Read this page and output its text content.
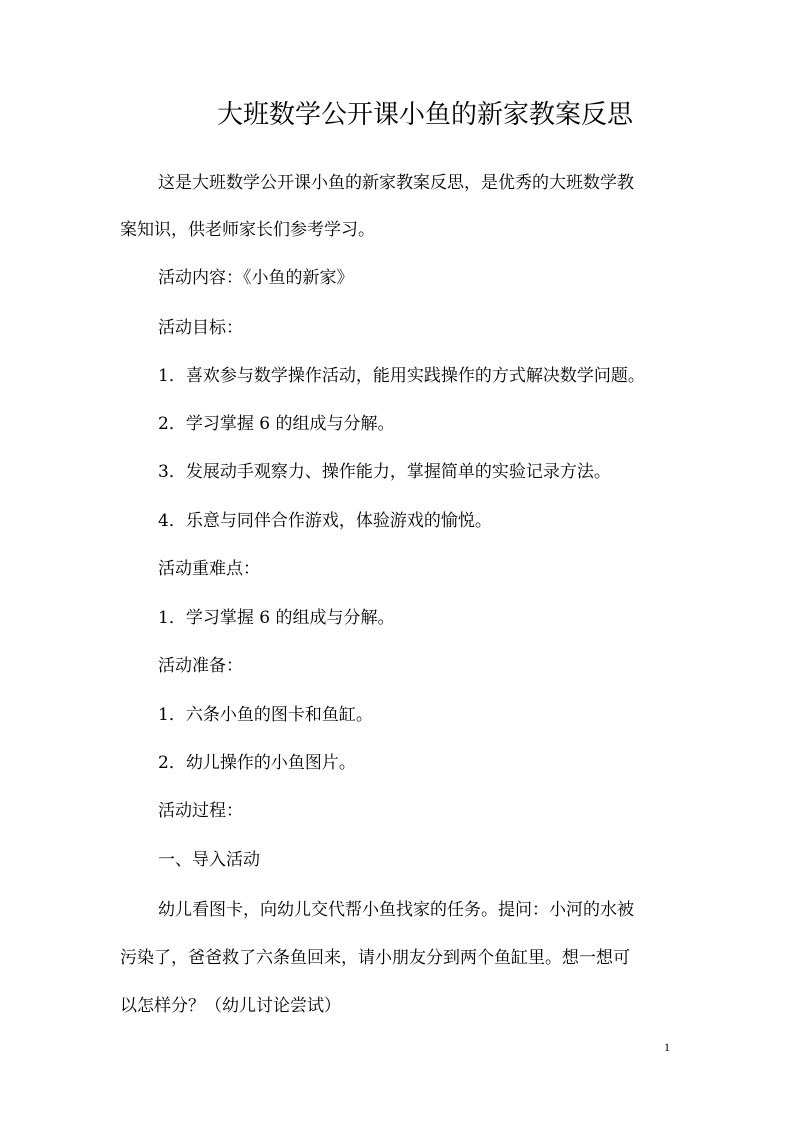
大班数学公开课小鱼的新家教案反思
这是大班数学公开课小鱼的新家教案反思，是优秀的大班数学教
案知识，供老师家长们参考学习。
活动内容：《小鱼的新家》
活动目标：
1．喜欢参与数学操作活动，能用实践操作的方式解决数学问题。
2．学习掌握 6 的组成与分解。
3．发展动手观察力、操作能力，掌握简单的实验记录方法。
4．乐意与同伴合作游戏，体验游戏的愉悦。
活动重难点：
1．学习掌握 6 的组成与分解。
活动准备：
1．六条小鱼的图卡和鱼缸。
2．幼儿操作的小鱼图片。
活动过程：
一、导入活动
幼儿看图卡，向幼儿交代帮小鱼找家的任务。提问：小河的水被
污染了，爸爸救了六条鱼回来，请小朋友分到两个鱼缸里。想一想可
以怎样分？（幼儿讨论尝试）
1
